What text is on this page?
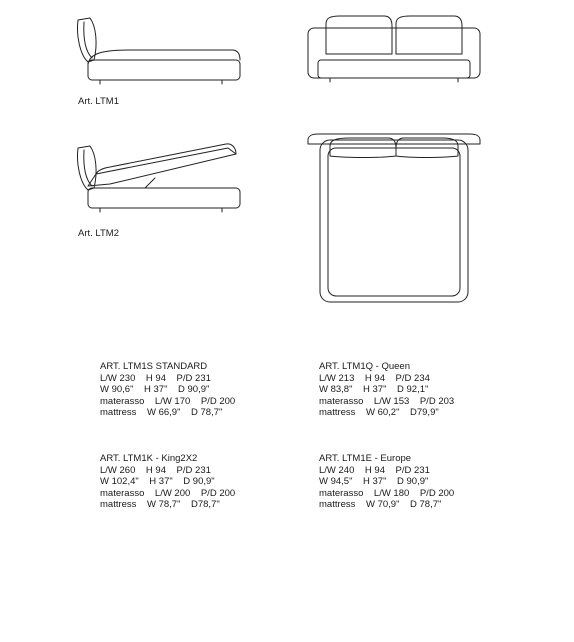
Art. LTM1
Art. LTM2
ART. LTM1S STANDARD
L/W 230    H 94    P/D 231
W 90,6"    H 37"    D 90,9"
materasso    L/W 170    P/D 200
mattress    W 66,9"    D 78,7"
ART. LTM1Q - Queen
L/W 213    H 94    P/D 234
W 83,8"    H 37"    D 92,1"
materasso    L/W 153    P/D 203
mattress    W 60,2"    D79,9"
ART. LTM1K - King2X2
L/W 260    H 94    P/D 231
W 102,4"    H 37"    D 90,9"
materasso    L/W 200    P/D 200
mattress    W 78,7"    D78,7"
ART. LTM1E - Europe
L/W 240    H 94    P/D 231
W 94,5"    H 37"    D 90,9"
materasso    L/W 180    P/D 200
mattress    W 70,9"    D 78,7"
